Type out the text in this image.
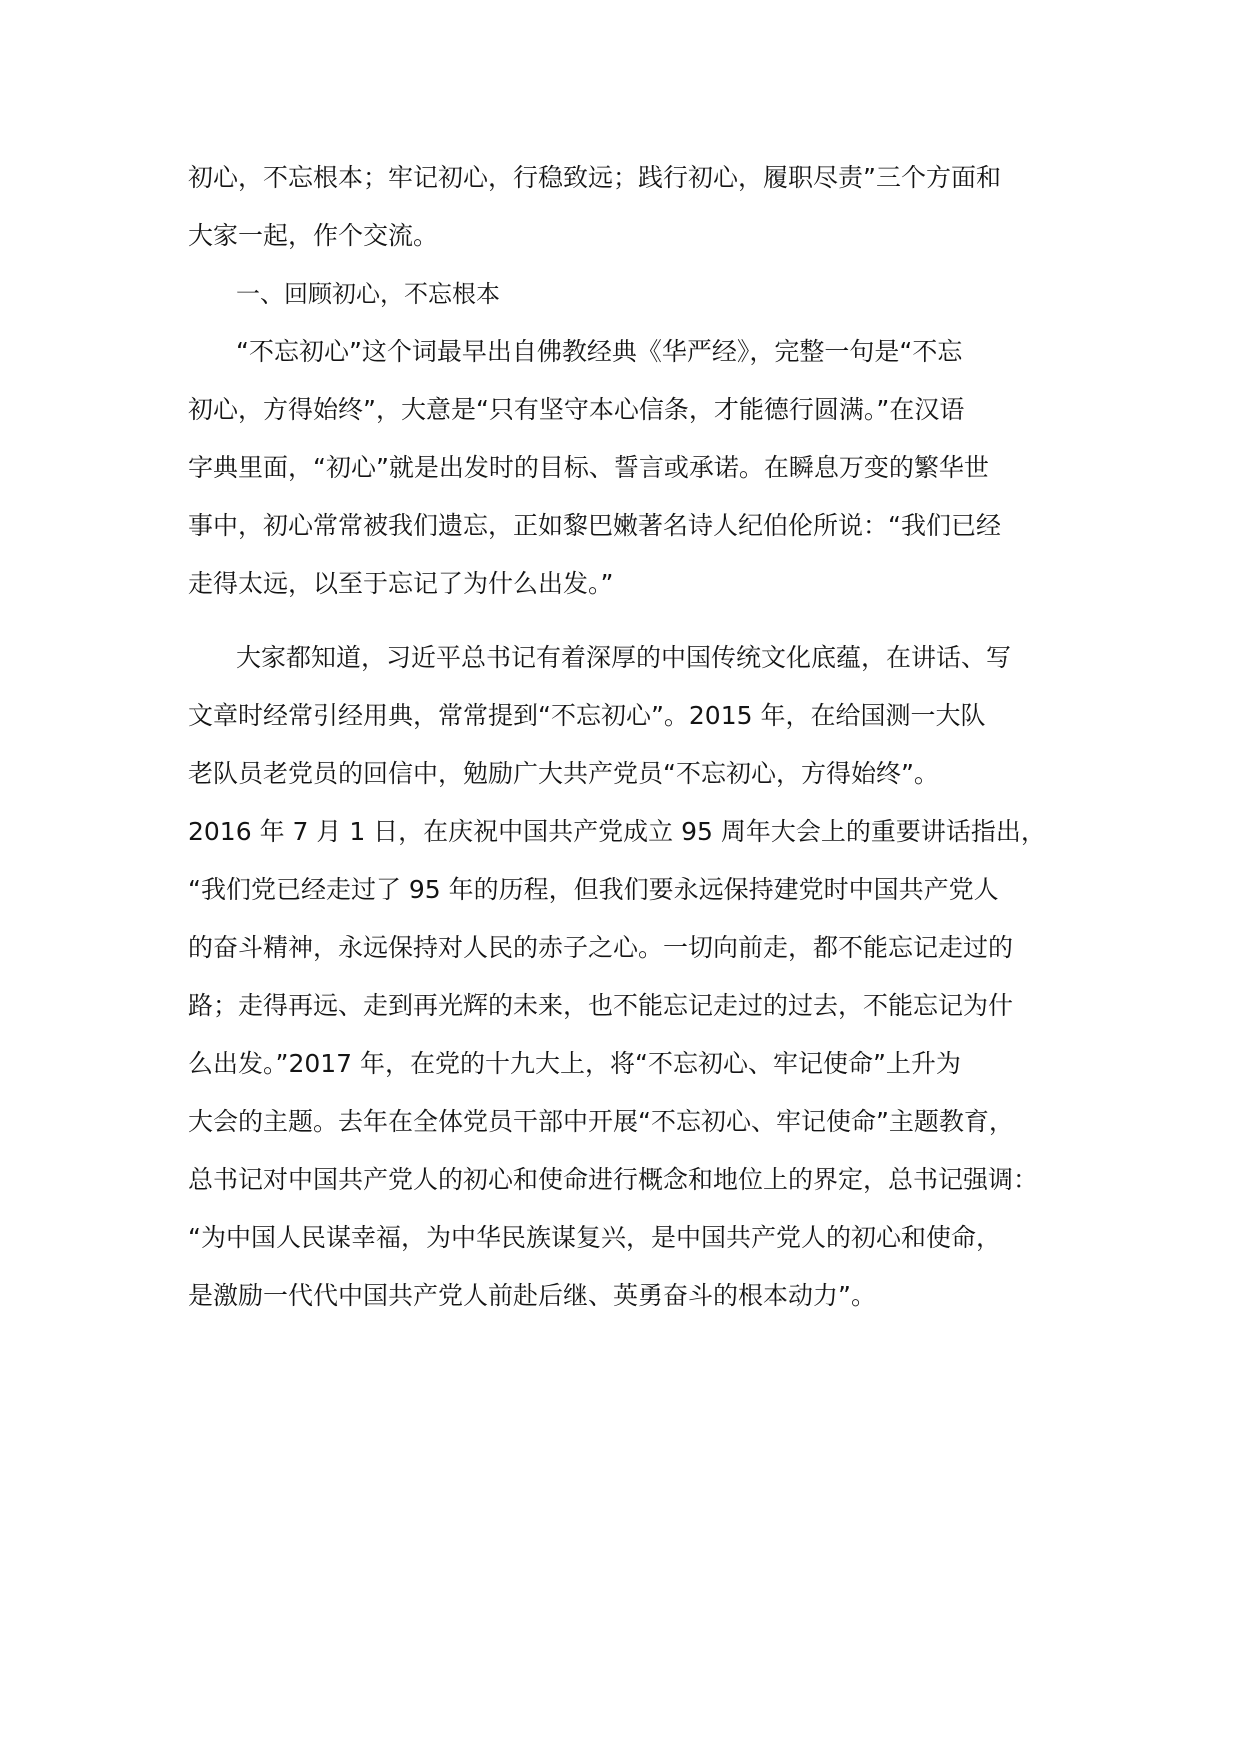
初心，不忘根本；牢记初心，行稳致远；践行初心，履职尽责”三个方面和
大家一起，作个交流。
一、回顾初心，不忘根本
“不忘初心”这个词最早出自佛教经典《华严经》，完整一句是“不忘
初心，方得始终”，大意是“只有坚守本心信条，才能德行圆满。”在汉语
字典里面，“初心”就是出发时的目标、誓言或承诺。在瞬息万变的繁华世
事中，初心常常被我们遗忘，正如黎巴嫩著名诗人纪伯伦所说：“我们已经
走得太远，以至于忘记了为什么出发。”
大家都知道，习近平总书记有着深厚的中国传统文化底蕴，在讲话、写
文章时经常引经用典，常常提到“不忘初心”。2015 年，在给国测一大队
老队员老党员的回信中，勉励广大共产党员“不忘初心，方得始终”。
2016 年 7 月 1 日，在庆祝中国共产党成立 95 周年大会上的重要讲话指出，
“我们党已经走过了 95 年的历程，但我们要永远保持建党时中国共产党人
的奋斗精神，永远保持对人民的赤子之心。一切向前走，都不能忘记走过的
路；走得再远、走到再光辉的未来，也不能忘记走过的过去，不能忘记为什
么出发。”2017 年，在党的十九大上，将“不忘初心、牢记使命”上升为
大会的主题。去年在全体党员干部中开展“不忘初心、牢记使命”主题教育，
总书记对中国共产党人的初心和使命进行概念和地位上的界定，总书记强调：
“为中国人民谋幸福，为中华民族谋复兴，是中国共产党人的初心和使命，
是激励一代代中国共产党人前赴后继、英勇奋斗的根本动力”。
